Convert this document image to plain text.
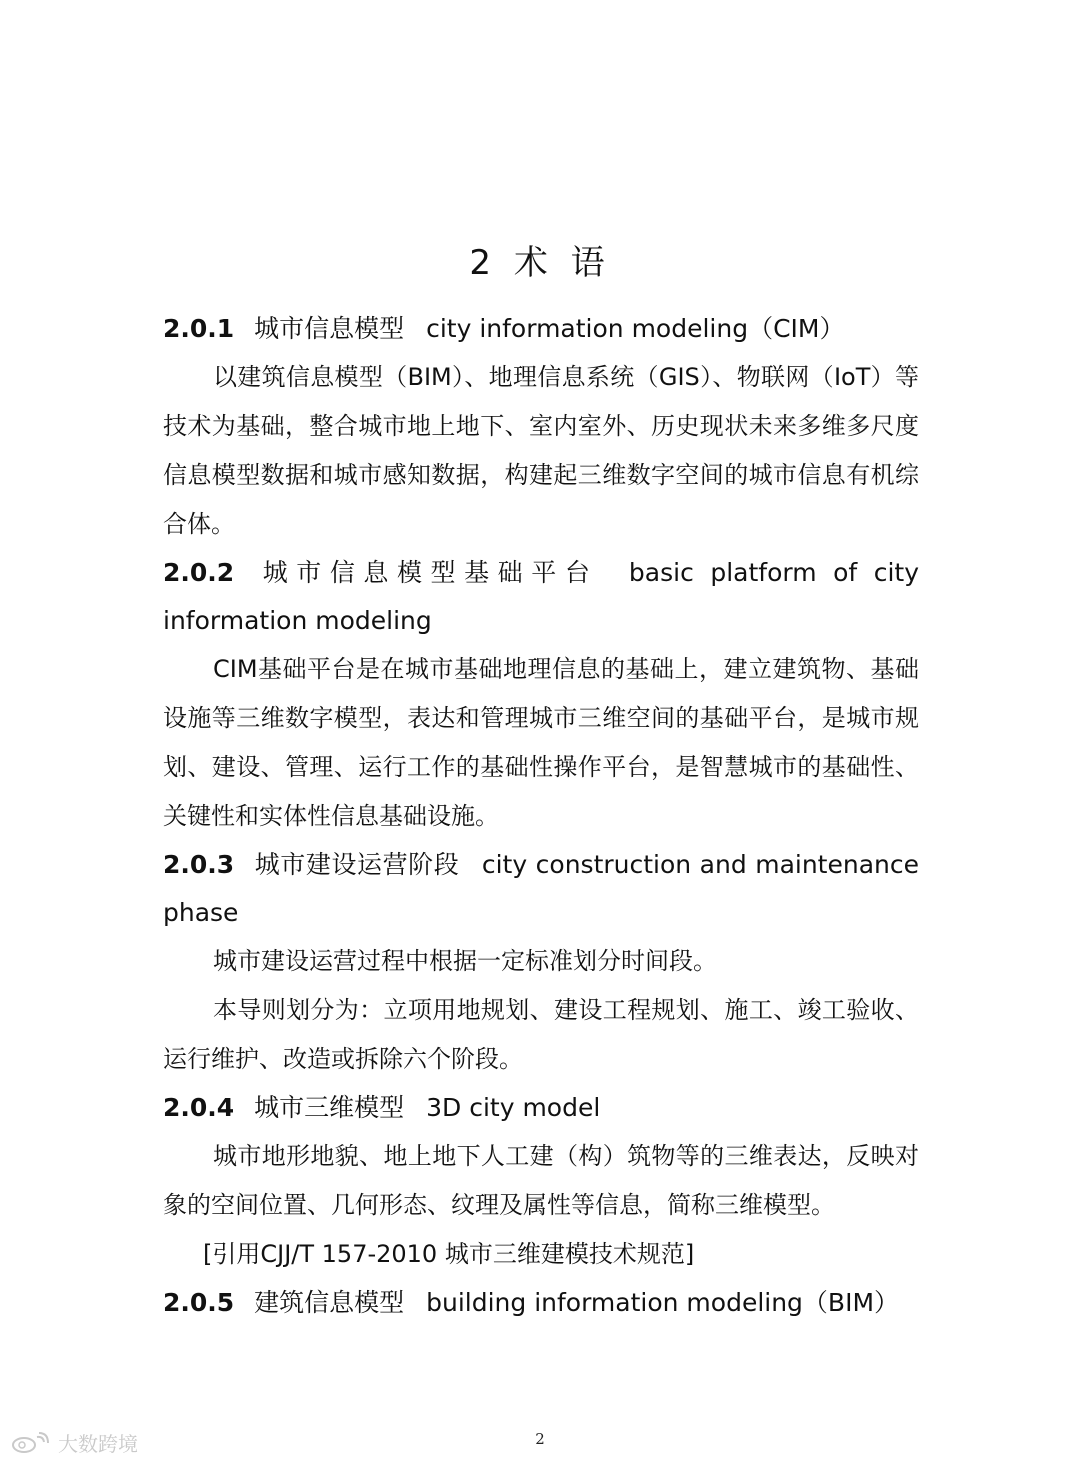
2 术 语

2.0.1 城市信息模型 city information modeling（CIM）

以建筑信息模型（BIM）、地理信息系统（GIS）、物联网（IoT）等技术为基础，整合城市地上地下、室内室外、历史现状未来多维多尺度信息模型数据和城市感知数据，构建起三维数字空间的城市信息有机综合体。

2.0.2 城市信息模型基础平台 basic platform of city information modeling

CIM基础平台是在城市基础地理信息的基础上，建立建筑物、基础设施等三维数字模型，表达和管理城市三维空间的基础平台，是城市规划、建设、管理、运行工作的基础性操作平台，是智慧城市的基础性、关键性和实体性信息基础设施。

2.0.3 城市建设运营阶段 city construction and maintenance phase

城市建设运营过程中根据一定标准划分时间段。

本导则划分为：立项用地规划、建设工程规划、施工、竣工验收、运行维护、改造或拆除六个阶段。

2.0.4 城市三维模型 3D city model

城市地形地貌、地上地下人工建（构）筑物等的三维表达，反映对象的空间位置、几何形态、纹理及属性等信息，简称三维模型。

[引用CJJ/T 157-2010 城市三维建模技术规范]

2.0.5 建筑信息模型 building information modeling（BIM）

2
大数跨境
